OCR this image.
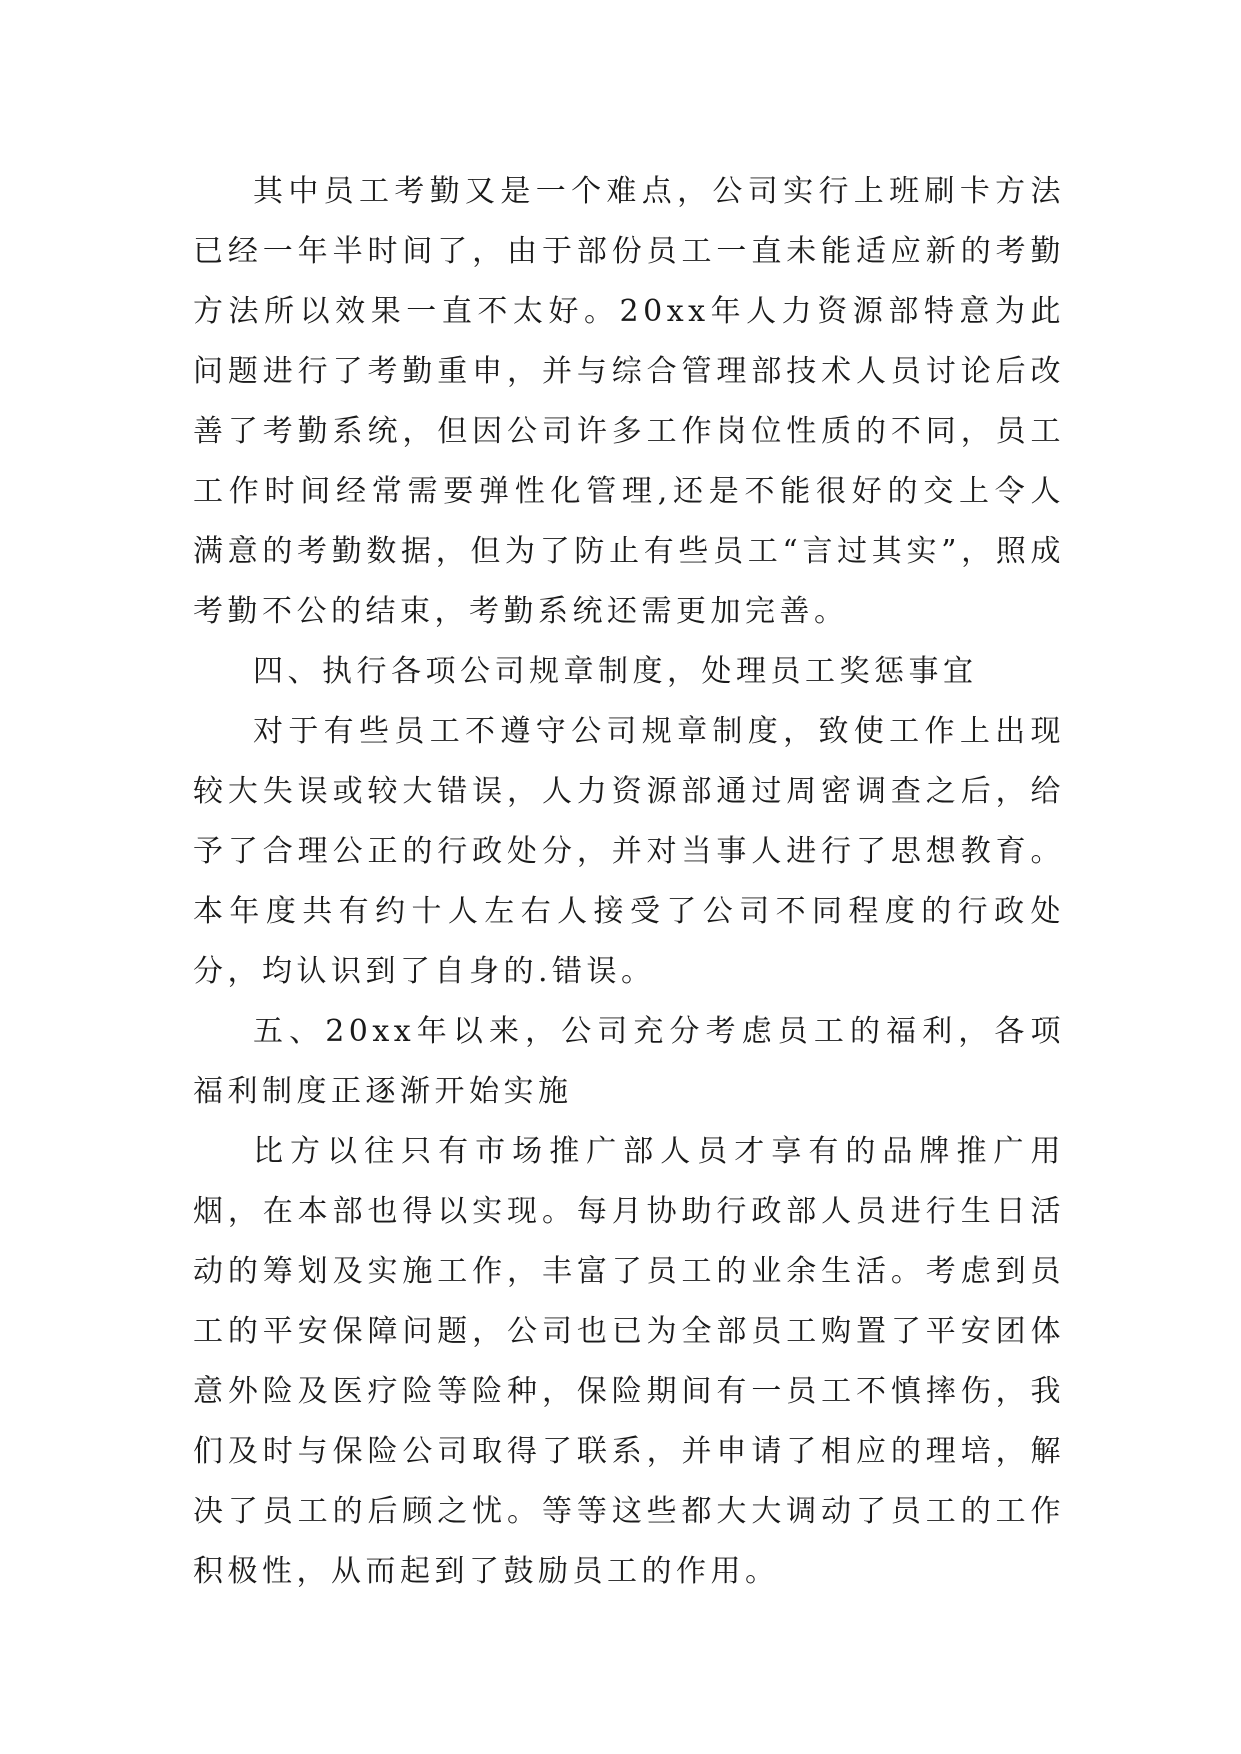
其中员工考勤又是一个难点，公司实行上班刷卡方法已经一年半时间了，由于部份员工一直未能适应新的考勤方法所以效果一直不太好。20xx年人力资源部特意为此问题进行了考勤重申，并与综合管理部技术人员讨论后改善了考勤系统，但因公司许多工作岗位性质的不同，员工工作时间经常需要弹性化管理,还是不能很好的交上令人满意的考勤数据，但为了防止有些员工“言过其实”，照成考勤不公的结束，考勤系统还需更加完善。

四、执行各项公司规章制度，处理员工奖惩事宜

对于有些员工不遵守公司规章制度，致使工作上出现较大失误或较大错误，人力资源部通过周密调查之后，给予了合理公正的行政处分，并对当事人进行了思想教育。本年度共有约十人左右人接受了公司不同程度的行政处分，均认识到了自身的.错误。

五、20xx年以来，公司充分考虑员工的福利，各项福利制度正逐渐开始实施

比方以往只有市场推广部人员才享有的品牌推广用烟，在本部也得以实现。每月协助行政部人员进行生日活动的筹划及实施工作，丰富了员工的业余生活。考虑到员工的平安保障问题，公司也已为全部员工购置了平安团体意外险及医疗险等险种，保险期间有一员工不慎摔伤，我们及时与保险公司取得了联系，并申请了相应的理培，解决了员工的后顾之忧。等等这些都大大调动了员工的工作积极性，从而起到了鼓励员工的作用。
